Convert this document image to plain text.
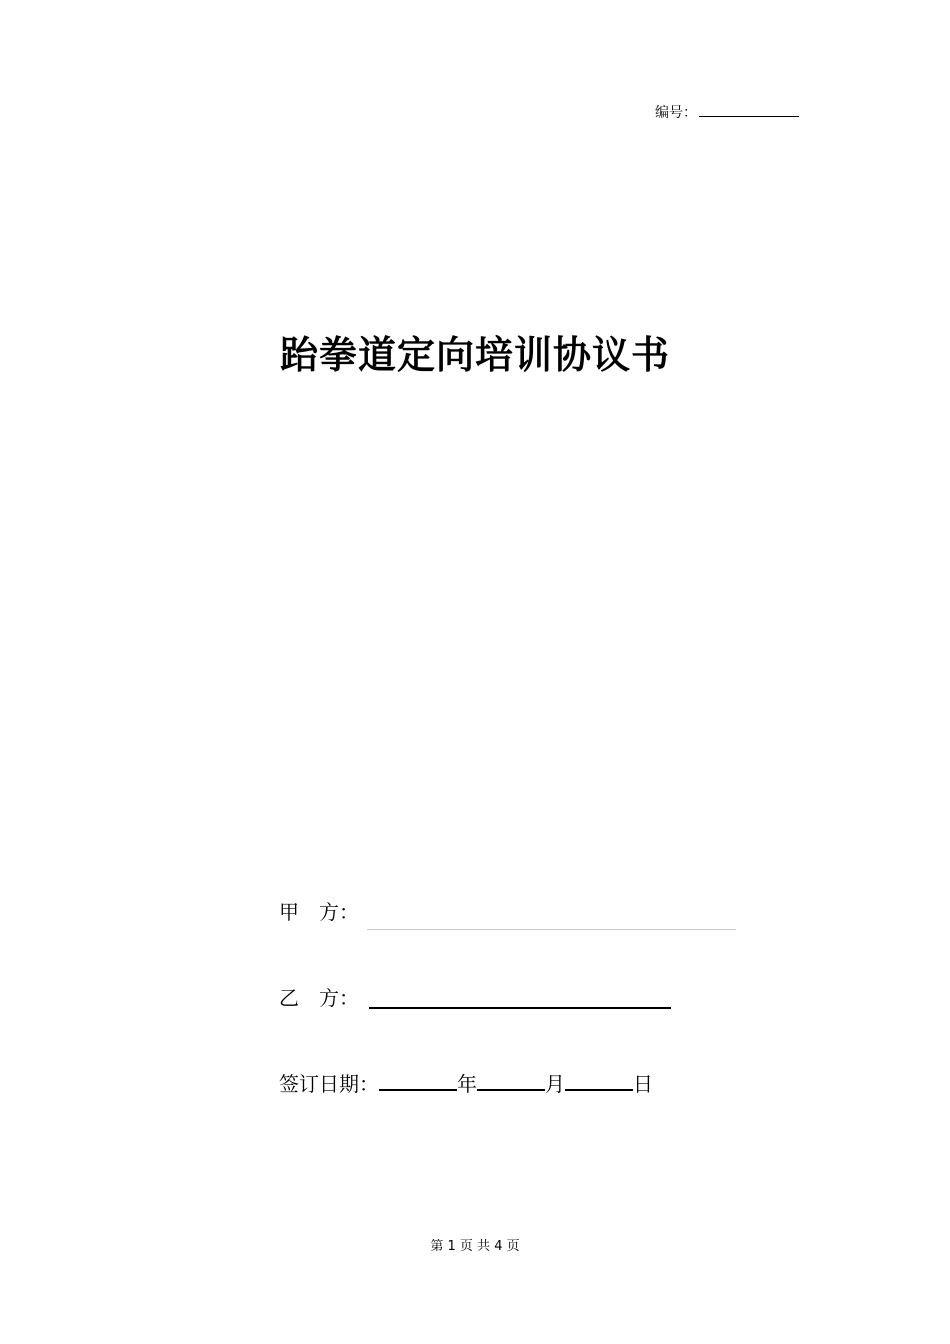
编号：
跆拳道定向培训协议书
甲　方：
乙　方：
签订日期：	年	月	日
第 1 页 共 4 页
